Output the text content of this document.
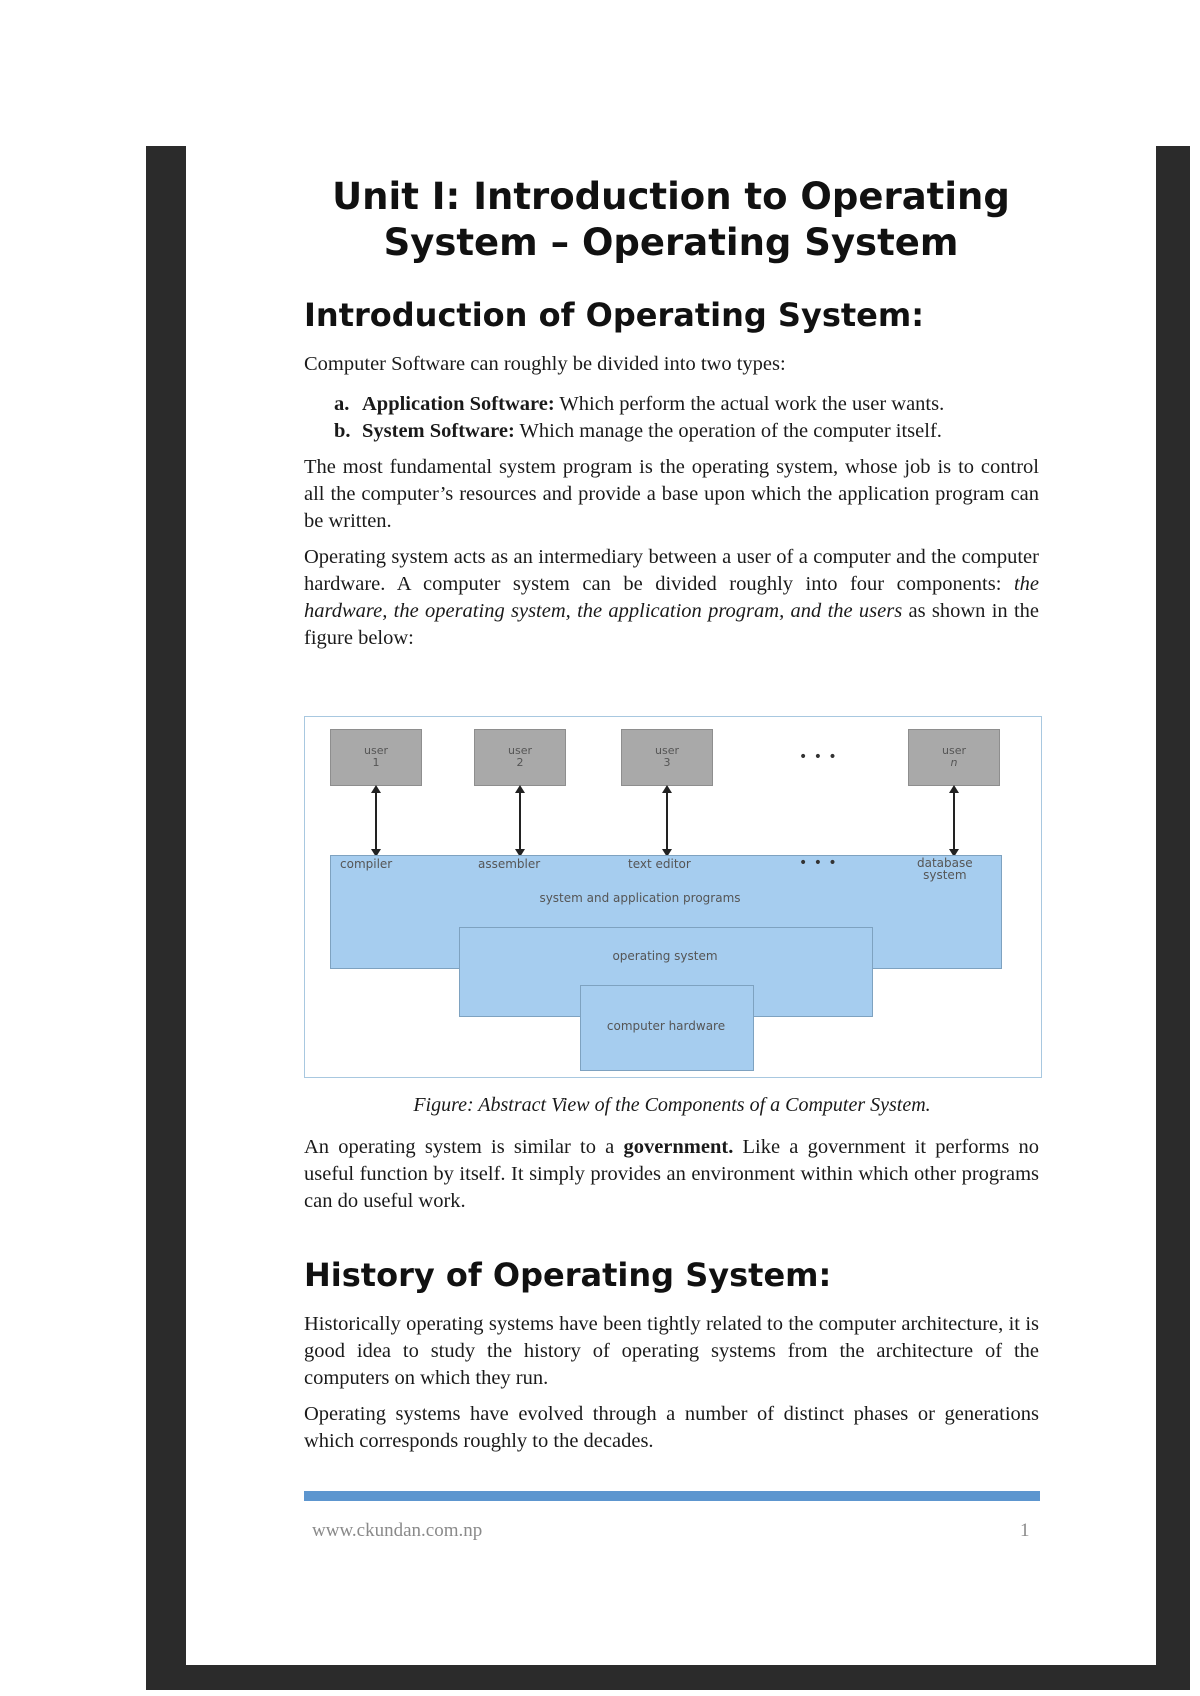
Unit I: Introduction to Operating
System – Operating System
Introduction of Operating System:
Computer Software can roughly be divided into two types:
a. Application Software: Which perform the actual work the user wants.
b. System Software: Which manage the operation of the computer itself.
The most fundamental system program is the operating system, whose job is to control all the computer’s resources and provide a base upon which the application program can be written.
Operating system acts as an intermediary between a user of a computer and the computer hardware. A computer system can be divided roughly into four components: the hardware, the operating system, the application program, and the users as shown in the figure below:
user
1
user
2
user
3	• • •	user
n
compiler	assembler	text editor	• • •	database
system
system and application programs
operating system
computer hardware
Figure: Abstract View of the Components of a Computer System.
An operating system is similar to a government. Like a government it performs no useful function by itself. It simply provides an environment within which other programs can do useful work.
History of Operating System:
Historically operating systems have been tightly related to the computer architecture, it is good idea to study the history of operating systems from the architecture of the computers on which they run.
Operating systems have evolved through a number of distinct phases or generations which corresponds roughly to the decades.
www.ckundan.com.np	1
